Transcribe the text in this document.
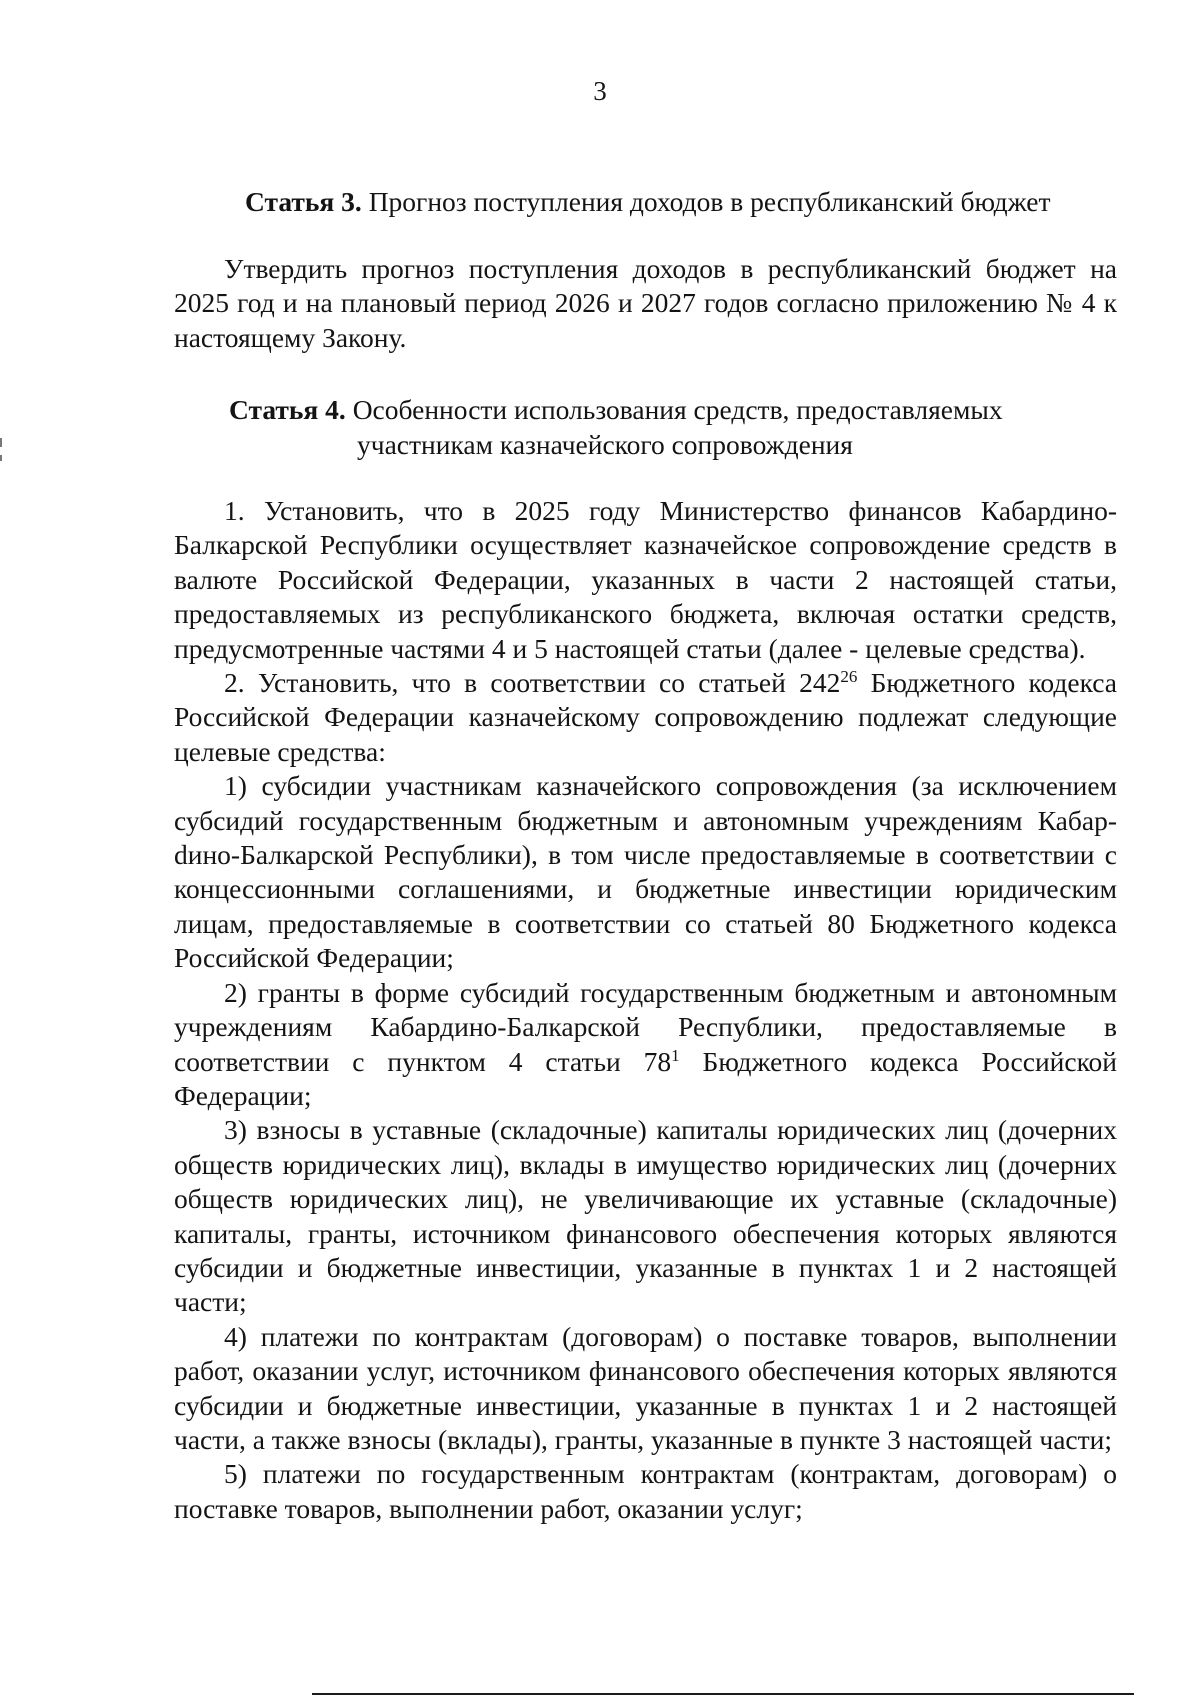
3
Статья 3. Прогноз поступления доходов в республиканский бюджет

Утвердить прогноз поступления доходов в республиканский бюджет на 2025 год и на плановый период 2026 и 2027 годов согласно приложению № 4 к настоящему Закону.

Статья 4. Особенности использования средств, предоставляемых
участникам казначейского сопровождения

1. Установить, что в 2025 году Министерство финансов Кабардино-Балкарской Республики осуществляет казначейское сопровождение средств в валюте Российской Федерации, указанных в части 2 настоящей статьи, предоставляемых из республиканского бюджета, включая остатки средств, предусмотренные частями 4 и 5 настоящей статьи (далее - целевые средства).

2. Установить, что в соответствии со статьей $242^{26}$ Бюджетного кодекса Российской Федерации казначейскому сопровождению подлежат следующие целевые средства:

1) субсидии участникам казначейского сопровождения (за исключением субсидий государственным бюджетным и автономным учреждениям Кабарdино-Балкарской Республики), в том числе предоставляемые в соответствии с концессионными соглашениями, и бюджетные инвестиции юридическим лицам, предоставляемые в соответствии со статьей 80 Бюджетного кодекса Российской Федерации;

2) гранты в форме субсидий государственным бюджетным и автономным учреждениям Кабардино-Балкарской Республики, предоставляемые в соответствии с пунктом 4 статьи $78^1$ Бюджетного кодекса Российской Федерации;

3) взносы в уставные (складочные) капиталы юридических лиц (дочерних обществ юридических лиц), вклады в имущество юридических лиц (дочерних обществ юридических лиц), не увеличивающие их уставные (складочные) капиталы, гранты, источником финансового обеспечения которых являются субсидии и бюджетные инвестиции, указанные в пунктах 1 и 2 настоящей части;

4) платежи по контрактам (договорам) о поставке товаров, выполнении работ, оказании услуг, источником финансового обеспечения которых являются субсидии и бюджетные инвестиции, указанные в пунктах 1 и 2 настоящей части, а также взносы (вклады), гранты, указанные в пункте 3 настоящей части;

5) платежи по государственным контрактам (контрактам, договорам) о поставке товаров, выполнении работ, оказании услуг;
